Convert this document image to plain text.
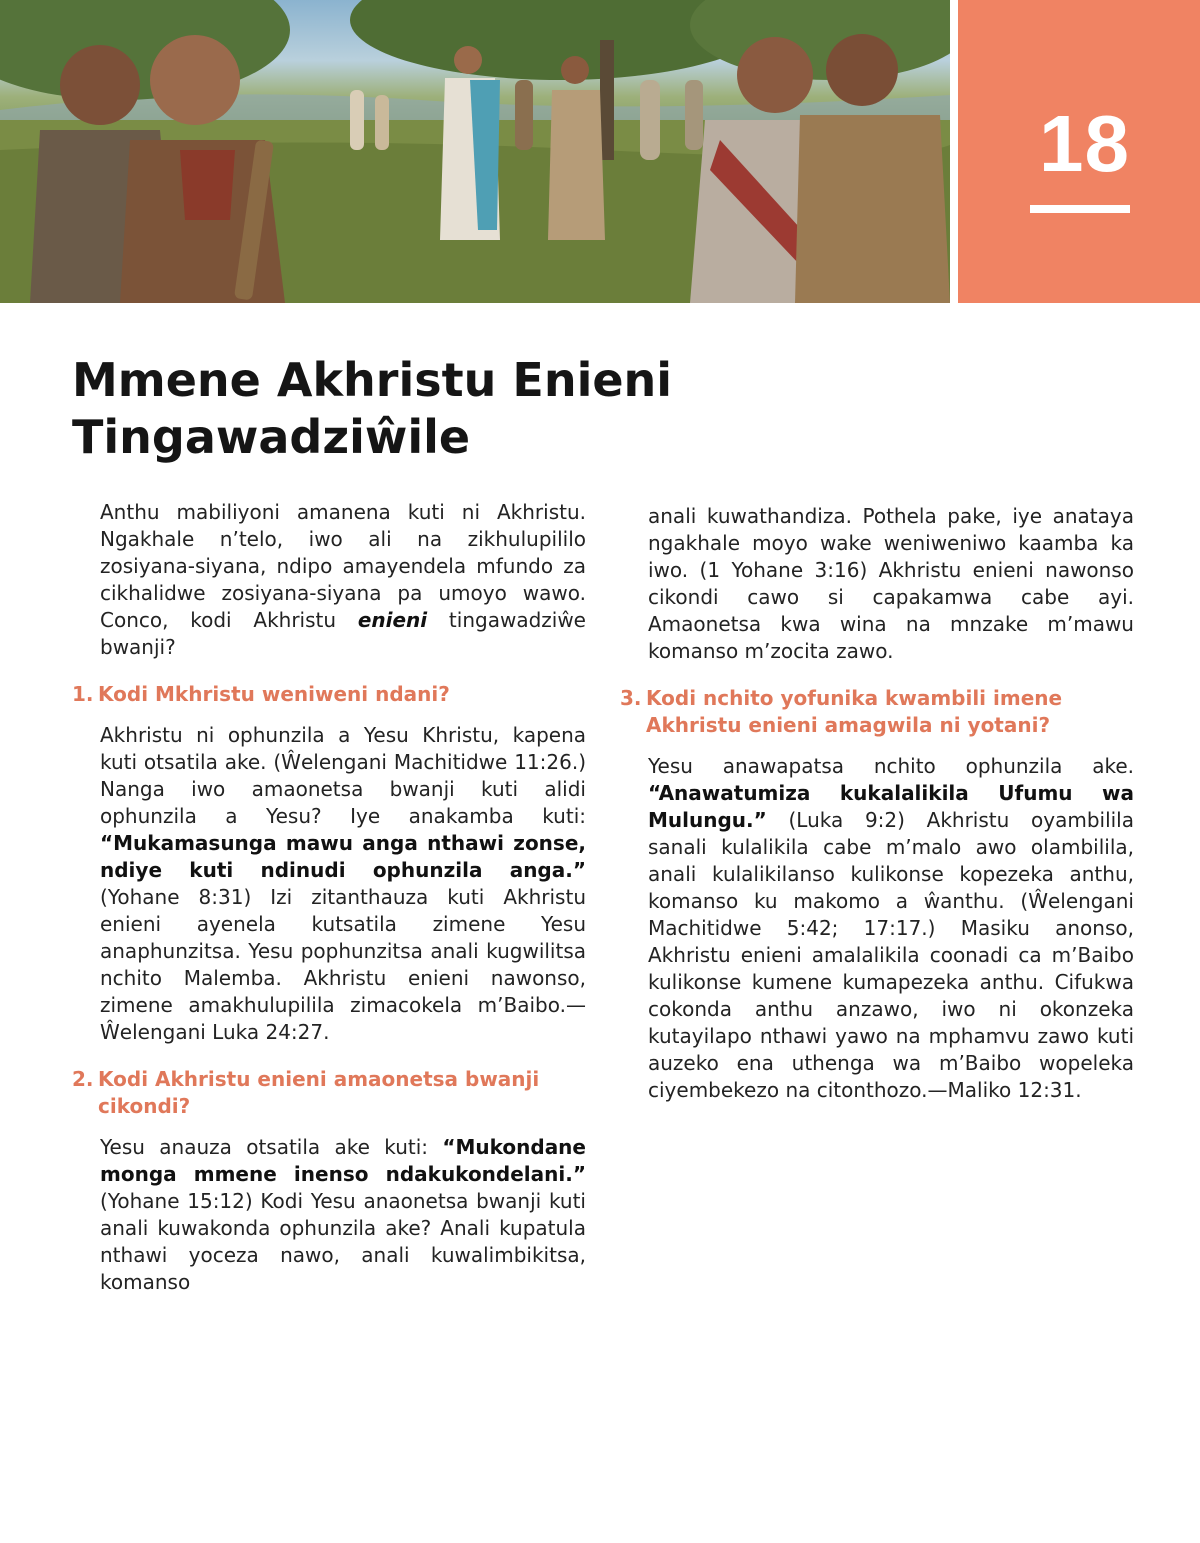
18
Mmene Akhristu Enieni
Tingawadziŵile

Anthu mabiliyoni amanena kuti ni Akhristu. Ngakhale n’telo, iwo ali na zikhulupililo zosiyana-siyana, ndipo amayendela mfundo za cikhalidwe zosiyana-siyana pa umoyo wawo. Conco, kodi Akhristu enieni tingawadziŵe bwanji?

1. Kodi Mkhristu weniweni ndani?

Akhristu ni ophunzila a Yesu Khristu, kapena kuti otsatila ake. (Ŵelengani Machitidwe 11:26.) Nanga iwo amaonetsa bwanji kuti alidi ophunzila a Yesu? Iye anakamba kuti: “Mukamasunga mawu anga nthawi zonse, ndiye kuti ndinudi ophunzila anga.” (Yohane 8:31) Izi zitanthauza kuti Akhristu enieni ayenela kutsatila zimene Yesu anaphunzitsa. Yesu pophunzitsa anali kugwilitsa nchito Malemba. Akhristu enieni nawonso, zimene amakhulupilila zimacokela m’Baibo.—Ŵelengani Luka 24:27.

2. Kodi Akhristu enieni amaonetsa bwanji cikondi?

Yesu anauza otsatila ake kuti: “Mukondane monga mmene inenso ndakukondelani.” (Yohane 15:12) Kodi Yesu anaonetsa bwanji kuti anali kuwakonda ophunzila ake? Anali kupatula nthawi yoceza nawo, anali kuwalimbikitsa, komanso

anali kuwathandiza. Pothela pake, iye anataya ngakhale moyo wake weniweniwo kaamba ka iwo. (1 Yohane 3:16) Akhristu enieni nawonso cikondi cawo si capakamwa cabe ayi. Amaonetsa kwa wina na mnzake m’mawu komanso m’zocita zawo.

3. Kodi nchito yofunika kwambili imene Akhristu enieni amagwila ni yotani?

Yesu anawapatsa nchito ophunzila ake. “Anawatumiza kukalalikila Ufumu wa Mulungu.” (Luka 9:2) Akhristu oyambilila sanali kulalikila cabe m’malo awo olambilila, anali kulalikilanso kulikonse kopezeka anthu, komanso ku makomo a ŵanthu. (Ŵelengani Machitidwe 5:42; 17:17.) Masiku anonso, Akhristu enieni amalalikila coonadi ca m’Baibo kulikonse kumene kumapezeka anthu. Cifukwa cokonda anthu anzawo, iwo ni okonzeka kutayilapo nthawi yawo na mphamvu zawo kuti auzeko ena uthenga wa m’Baibo wopeleka ciyembekezo na citonthozo.—Maliko 12:31.
